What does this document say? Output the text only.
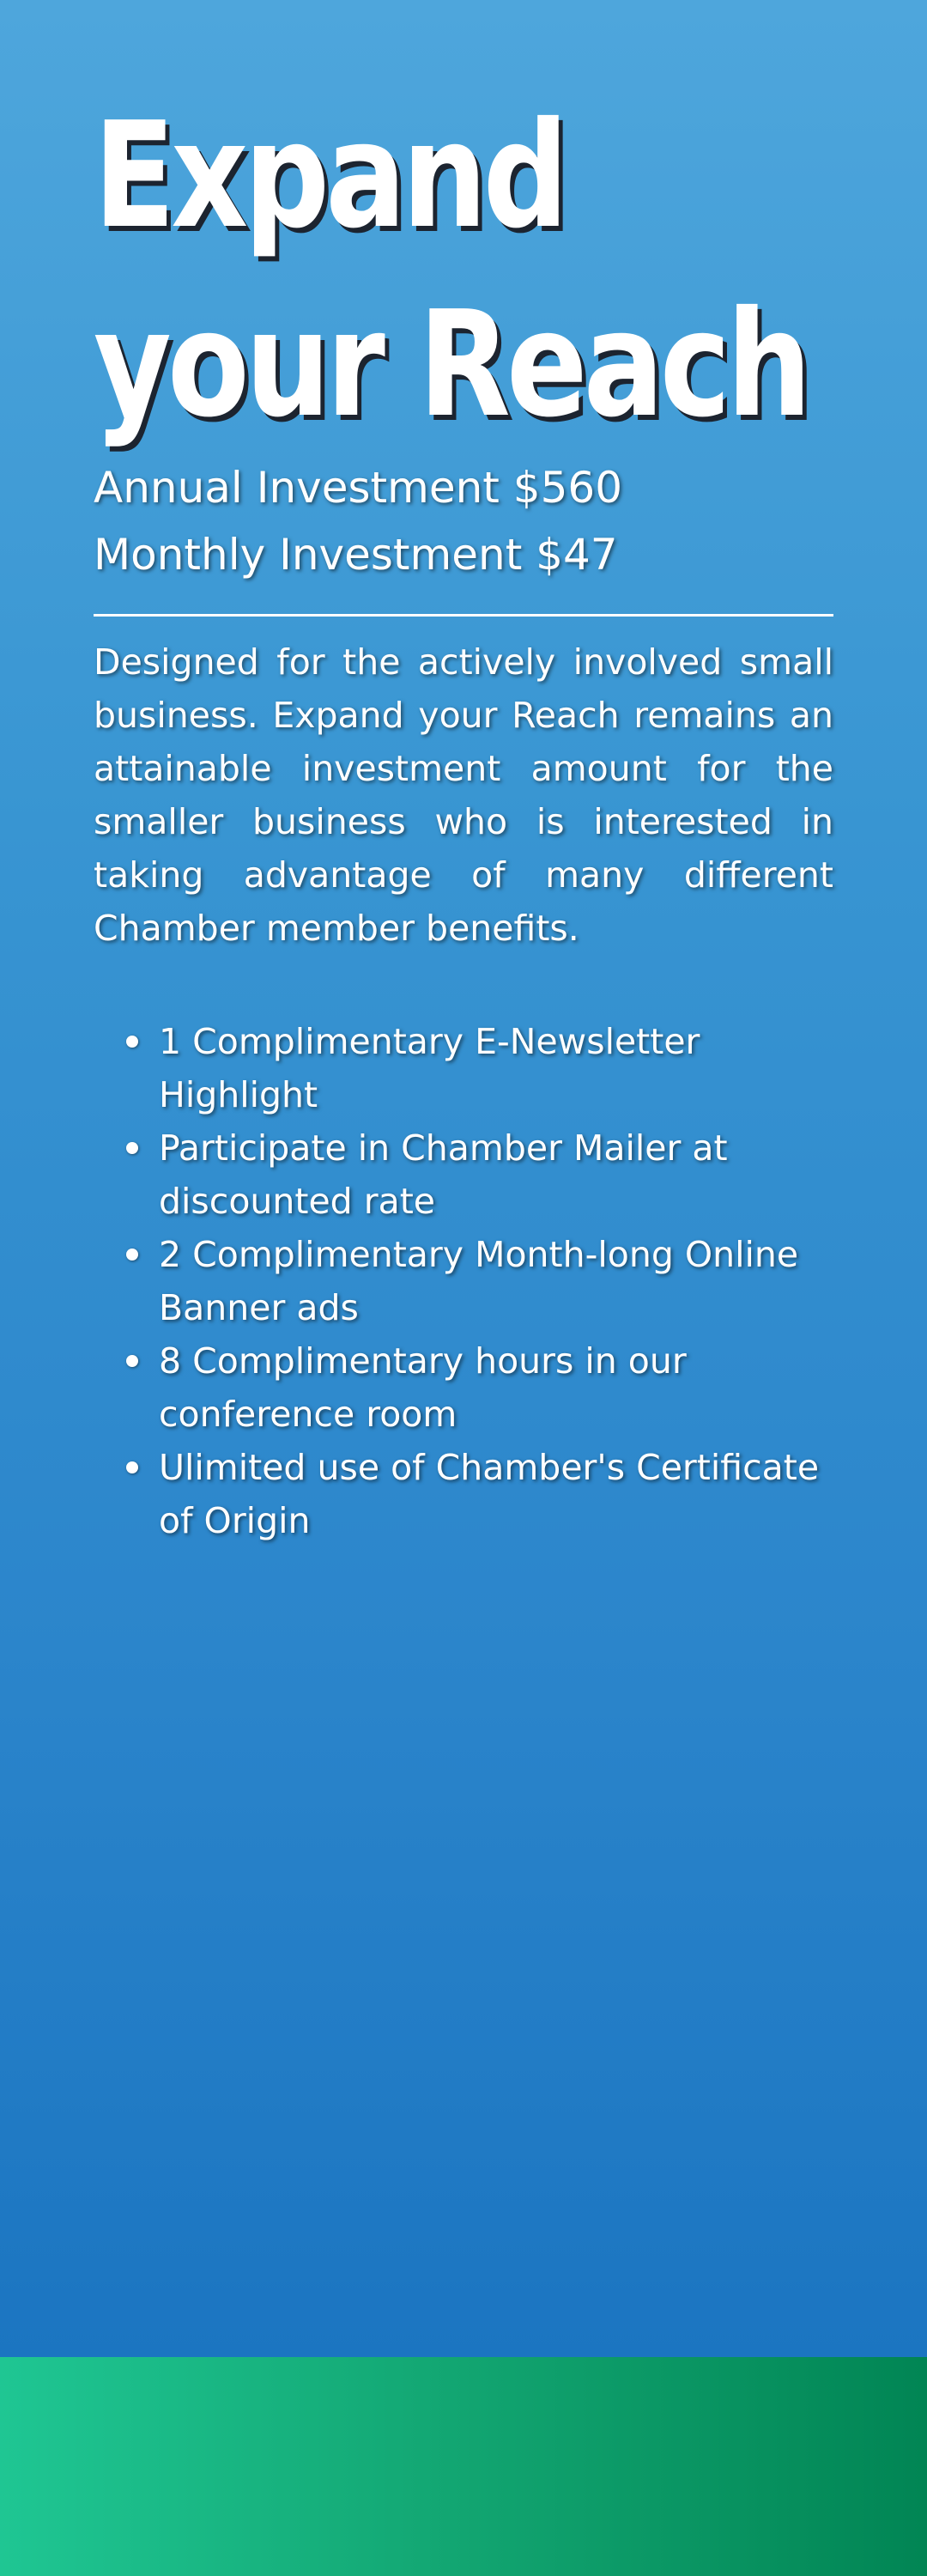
Expand your Reach

Annual Investment $560

Monthly Investment $47

Designed for the actively involved small business. Expand your Reach remains an attainable investment amount for the smaller business who is interested in taking advantage of many different Chamber member benefits.

1 Complimentary E-Newsletter Highlight
Participate in Chamber Mailer at discounted rate
2 Complimentary Month-long Online Banner ads
8 Complimentary hours in our conference room
Ulimited use of Chamber's Certificate of Origin
